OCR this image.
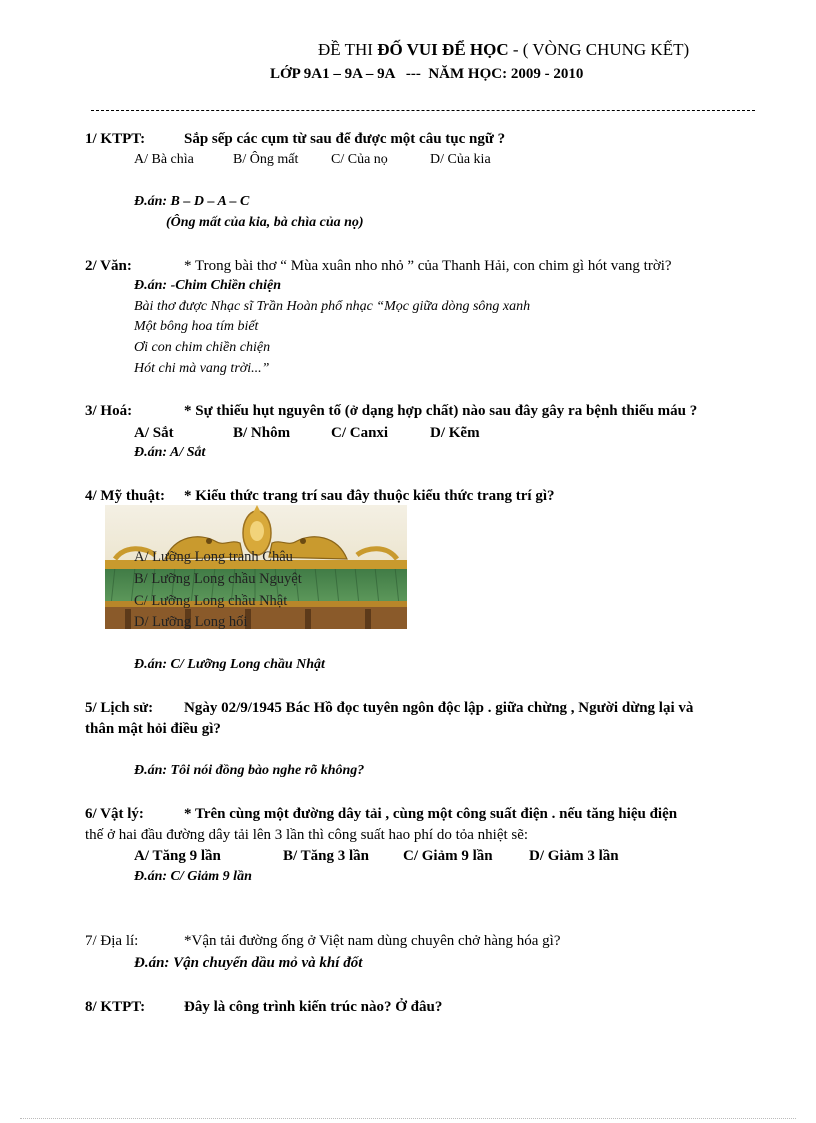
ĐỀ THI ĐỐ VUI ĐỂ HỌC - ( VÒNG CHUNG KẾT)
LỚP 9A1 – 9A – 9A   ---  NĂM HỌC: 2009 - 2010
1/ KTPT:	Sắp sếp các cụm từ sau để được một câu tục ngữ ?
A/ Bà chìa	B/ Ông mất C/ Của nọ	D/ Của kia
Đ.án: B – D – A – C
(Ông mất của kia, bà chìa của nọ)
2/ Văn:	* Trong bài thơ “ Mùa xuân nho nhỏ ” của Thanh Hải, con chim gì hót vang trời?
Đ.án: -Chim Chiền chiện
Bài thơ được Nhạc sĩ Trần Hoàn phổ nhạc “Mọc giữa dòng sông xanh
Một bông hoa tím biết
Ơi con chim chiền chiện
Hót chi mà vang trời...”
3/ Hoá:	* Sự thiếu hụt nguyên tố (ở dạng hợp chất) nào sau đây gây ra bệnh thiếu máu ?
A/ Sắt	B/ Nhôm	C/ Canxi	D/ Kẽm
Đ.án: A/ Sắt
4/ Mỹ thuật: * Kiểu thức trang trí sau đây thuộc kiểu thức trang trí gì?
A/ Lưỡng Long tranh Châu
B/ Lưỡng Long chầu Nguyệt
C/ Lưỡng Long chầu Nhật
D/ Lưỡng Long hối
Đ.án: C/ Lưỡng Long chầu Nhật
5/ Lịch sử: Ngày 02/9/1945 Bác Hồ đọc tuyên ngôn độc lập . giữa chừng , Người dừng lại và
thân mật hỏi điều gì?
Đ.án: Tôi nói đồng bào nghe rõ không?
6/ Vật lý:	* Trên cùng một đường dây tải , cùng một công suất điện . nếu tăng hiệu điện
thế ở hai đầu đường dây tải lên 3 lần thì công suất hao phí do tỏa nhiệt sẽ:
A/ Tăng 9 lần	B/ Tăng 3 lần C/ Giảm 9 lần D/ Giảm 3 lần
Đ.án: C/ Giảm 9 lần
7/ Địa lí:	*Vận tải đường ống ở Việt nam dùng chuyên chở hàng hóa gì?
Đ.án: Vận chuyển dầu mỏ và khí đốt
8/ KTPT:	Đây là công trình kiến trúc nào? Ở đâu?
